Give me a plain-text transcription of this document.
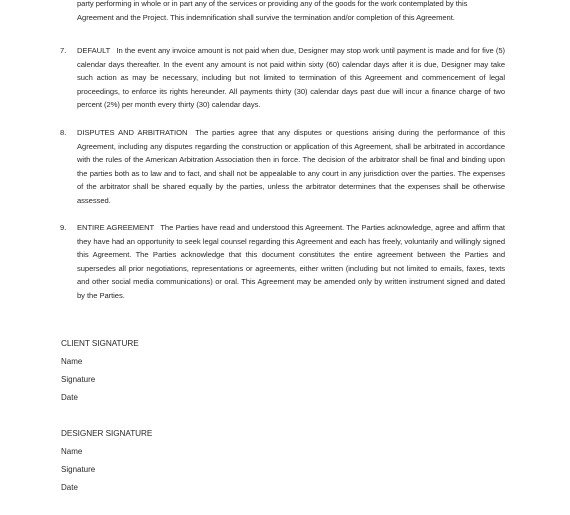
party performing in whole or in part any of the services or providing any of the goods for the work contemplated by this
Agreement and the Project. This indemnification shall survive the termination and/or completion of this Agreement.
7. DEFAULT In the event any invoice amount is not paid when due, Designer may stop work until payment is made and for five (5) calendar days thereafter. In the event any amount is not paid within sixty (60) calendar days after it is due, Designer may take such action as may be necessary, including but not limited to termination of this Agreement and commencement of legal proceedings, to enforce its rights hereunder. All payments thirty (30) calendar days past due will incur a finance charge of two percent (2%) per month every thirty (30) calendar days.
8. DISPUTES AND ARBITRATION The parties agree that any disputes or questions arising during the performance of this Agreement, including any disputes regarding the construction or application of this Agreement, shall be arbitrated in accordance with the rules of the American Arbitration Association then in force. The decision of the arbitrator shall be final and binding upon the parties both as to law and to fact, and shall not be appealable to any court in any jurisdiction over the parties. The expenses of the arbitrator shall be shared equally by the parties, unless the arbitrator determines that the expenses shall be otherwise assessed.
9. ENTIRE AGREEMENT The Parties have read and understood this Agreement. The Parties acknowledge, agree and affirm that they have had an opportunity to seek legal counsel regarding this Agreement and each has freely, voluntarily and willingly signed this Agreement. The Parties acknowledge that this document constitutes the entire agreement between the Parties and supersedes all prior negotiations, representations or agreements, either written (including but not limited to emails, faxes, texts and other social media communications) or oral. This Agreement may be amended only by written instrument signed and dated by the Parties.
CLIENT SIGNATURE
Name
Signature
Date
DESIGNER SIGNATURE
Name
Signature
Date
